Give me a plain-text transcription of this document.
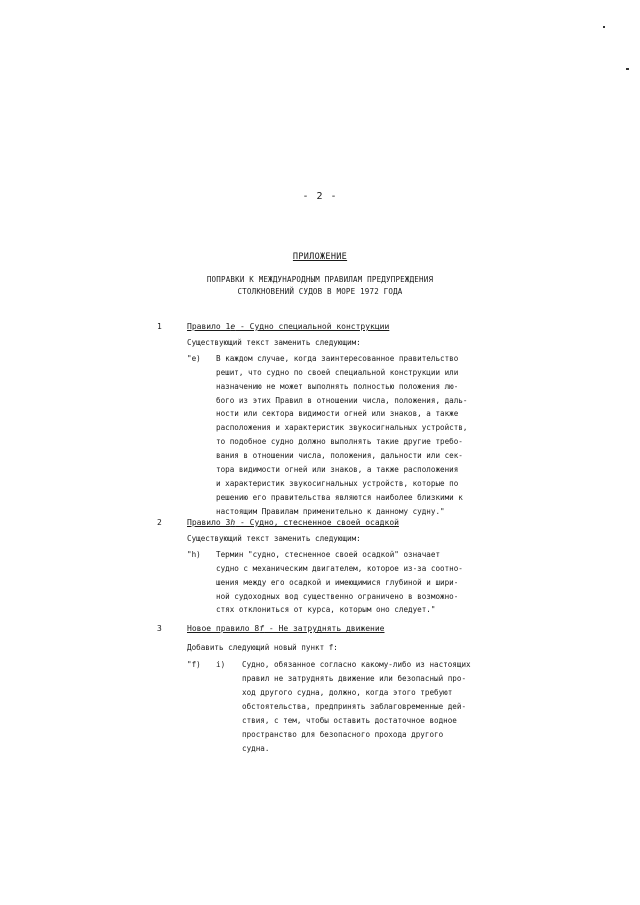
- 2 -
ПРИЛОЖЕНИЕ
ПОПРАВКИ К МЕЖДУНАРОДНЫМ ПРАВИЛАМ ПРЕДУПРЕЖДЕНИЯ
СТОЛКНОВЕНИЙ СУДОВ В МОРЕ 1972 ГОДА
1	Правило 1e - Судно специальной конструкции
Существующий текст заменить следующим:
"e) В каждом случае, когда заинтересованное правительство
решит, что судно по своей специальной конструкции или
назначению не может выполнять полностью положения лю-
бого из этих Правил в отношении числа, положения, даль-
ности или сектора видимости огней или знаков, а также
расположения и характеристик звукосигнальных устройств,
то подобное судно должно выполнять такие другие требо-
вания в отношении числа, положения, дальности или сек-
тора видимости огней или знаков, а также расположения
и характеристик звукосигнальных устройств, которые по
решению его правительства являются наиболее близкими к
настоящим Правилам применительно к данному судну."
2	Правило 3h - Судно, стесненное своей осадкой
Существующий текст заменить следующим:
"h) Термин "судно, стесненное своей осадкой" означает
судно с механическим двигателем, которое из-за соотно-
шения между его осадкой и имеющимися глубиной и шири-
ной судоходных вод существенно ограничено в возможно-
стях отклониться от курса, которым оно следует."
3	Новое правило 8f - Не затруднять движение
Добавить следующий новый пункт f:
"f) i) Судно, обязанное согласно какому-либо из настоящих
правил не затруднять движение или безопасный про-
ход другого судна, должно, когда этого требуют
обстоятельства, предпринять заблаговременные дей-
ствия, с тем, чтобы оставить достаточное водное
пространство для безопасного прохода другого
судна.
